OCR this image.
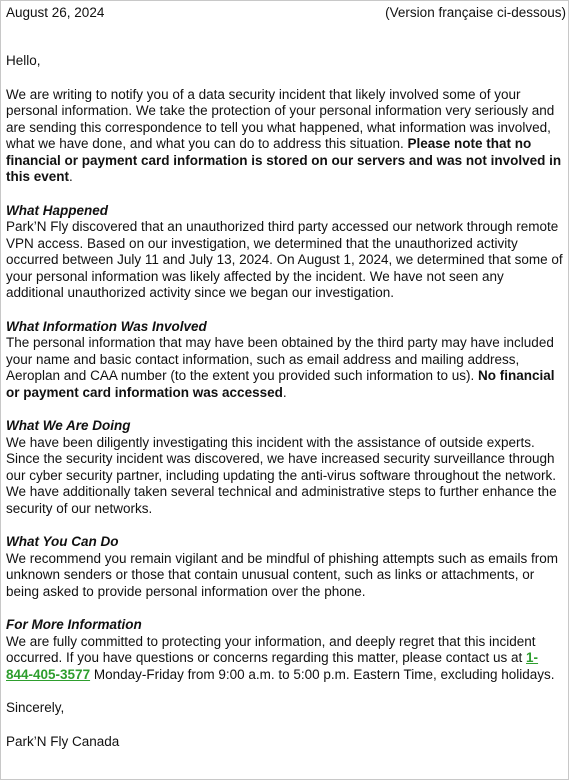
August 26, 2024	(Version française ci-dessous)

Hello,

We are writing to notify you of a data security incident that likely involved some of your personal information. We take the protection of your personal information very seriously and are sending this correspondence to tell you what happened, what information was involved, what we have done, and what you can do to address this situation. Please note that no financial or payment card information is stored on our servers and was not involved in this event.

What Happened
Park’N Fly discovered that an unauthorized third party accessed our network through remote VPN access. Based on our investigation, we determined that the unauthorized activity occurred between July 11 and July 13, 2024. On August 1, 2024, we determined that some of your personal information was likely affected by the incident. We have not seen any additional unauthorized activity since we began our investigation.

What Information Was Involved
The personal information that may have been obtained by the third party may have included your name and basic contact information, such as email address and mailing address, Aeroplan and CAA number (to the extent you provided such information to us). No financial or payment card information was accessed.

What We Are Doing
We have been diligently investigating this incident with the assistance of outside experts. Since the security incident was discovered, we have increased security surveillance through our cyber security partner, including updating the anti-virus software throughout the network. We have additionally taken several technical and administrative steps to further enhance the security of our networks.

What You Can Do
We recommend you remain vigilant and be mindful of phishing attempts such as emails from unknown senders or those that contain unusual content, such as links or attachments, or being asked to provide personal information over the phone.

For More Information
We are fully committed to protecting your information, and deeply regret that this incident occurred. If you have questions or concerns regarding this matter, please contact us at 1-844-405-3577 Monday-Friday from 9:00 a.m. to 5:00 p.m. Eastern Time, excluding holidays.

Sincerely,

Park’N Fly Canada
